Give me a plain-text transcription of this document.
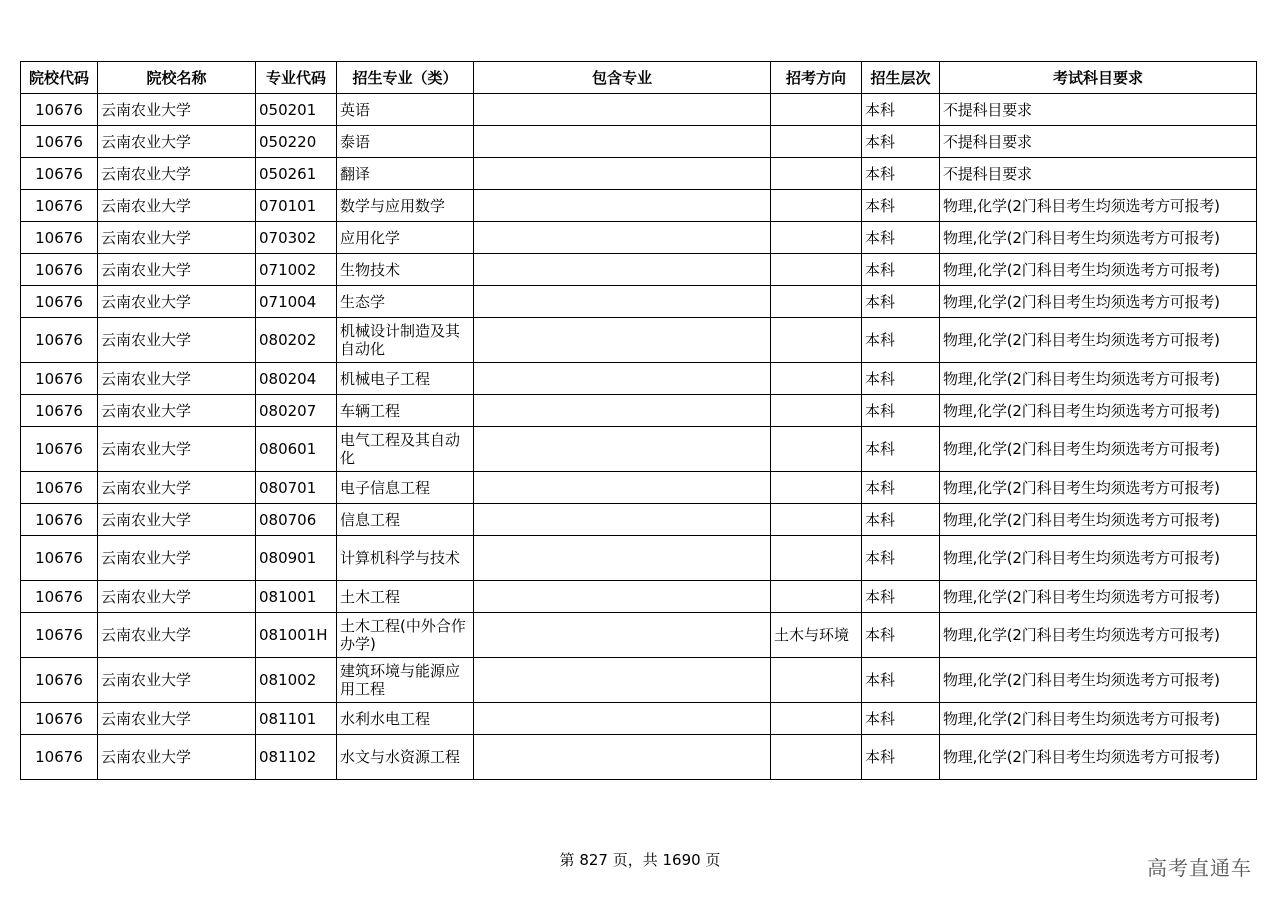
院校代码	院校名称	专业代码	招生专业（类）	包含专业	招考方向	招生层次	考试科目要求
10676	云南农业大学	050201	英语			本科	不提科目要求
10676	云南农业大学	050220	泰语			本科	不提科目要求
10676	云南农业大学	050261	翻译			本科	不提科目要求
10676	云南农业大学	070101	数学与应用数学			本科	物理,化学(2门科目考生均须选考方可报考)
10676	云南农业大学	070302	应用化学			本科	物理,化学(2门科目考生均须选考方可报考)
10676	云南农业大学	071002	生物技术			本科	物理,化学(2门科目考生均须选考方可报考)
10676	云南农业大学	071004	生态学			本科	物理,化学(2门科目考生均须选考方可报考)
10676	云南农业大学	080202	机械设计制造及其自动化			本科	物理,化学(2门科目考生均须选考方可报考)
10676	云南农业大学	080204	机械电子工程			本科	物理,化学(2门科目考生均须选考方可报考)
10676	云南农业大学	080207	车辆工程			本科	物理,化学(2门科目考生均须选考方可报考)
10676	云南农业大学	080601	电气工程及其自动化			本科	物理,化学(2门科目考生均须选考方可报考)
10676	云南农业大学	080701	电子信息工程			本科	物理,化学(2门科目考生均须选考方可报考)
10676	云南农业大学	080706	信息工程			本科	物理,化学(2门科目考生均须选考方可报考)
10676	云南农业大学	080901	计算机科学与技术			本科	物理,化学(2门科目考生均须选考方可报考)
10676	云南农业大学	081001	土木工程			本科	物理,化学(2门科目考生均须选考方可报考)
10676	云南农业大学	081001H	土木工程(中外合作办学)		土木与环境	本科	物理,化学(2门科目考生均须选考方可报考)
10676	云南农业大学	081002	建筑环境与能源应用工程			本科	物理,化学(2门科目考生均须选考方可报考)
10676	云南农业大学	081101	水利水电工程			本科	物理,化学(2门科目考生均须选考方可报考)
10676	云南农业大学	081102	水文与水资源工程			本科	物理,化学(2门科目考生均须选考方可报考)
第 827 页，共 1690 页	高考直通车
